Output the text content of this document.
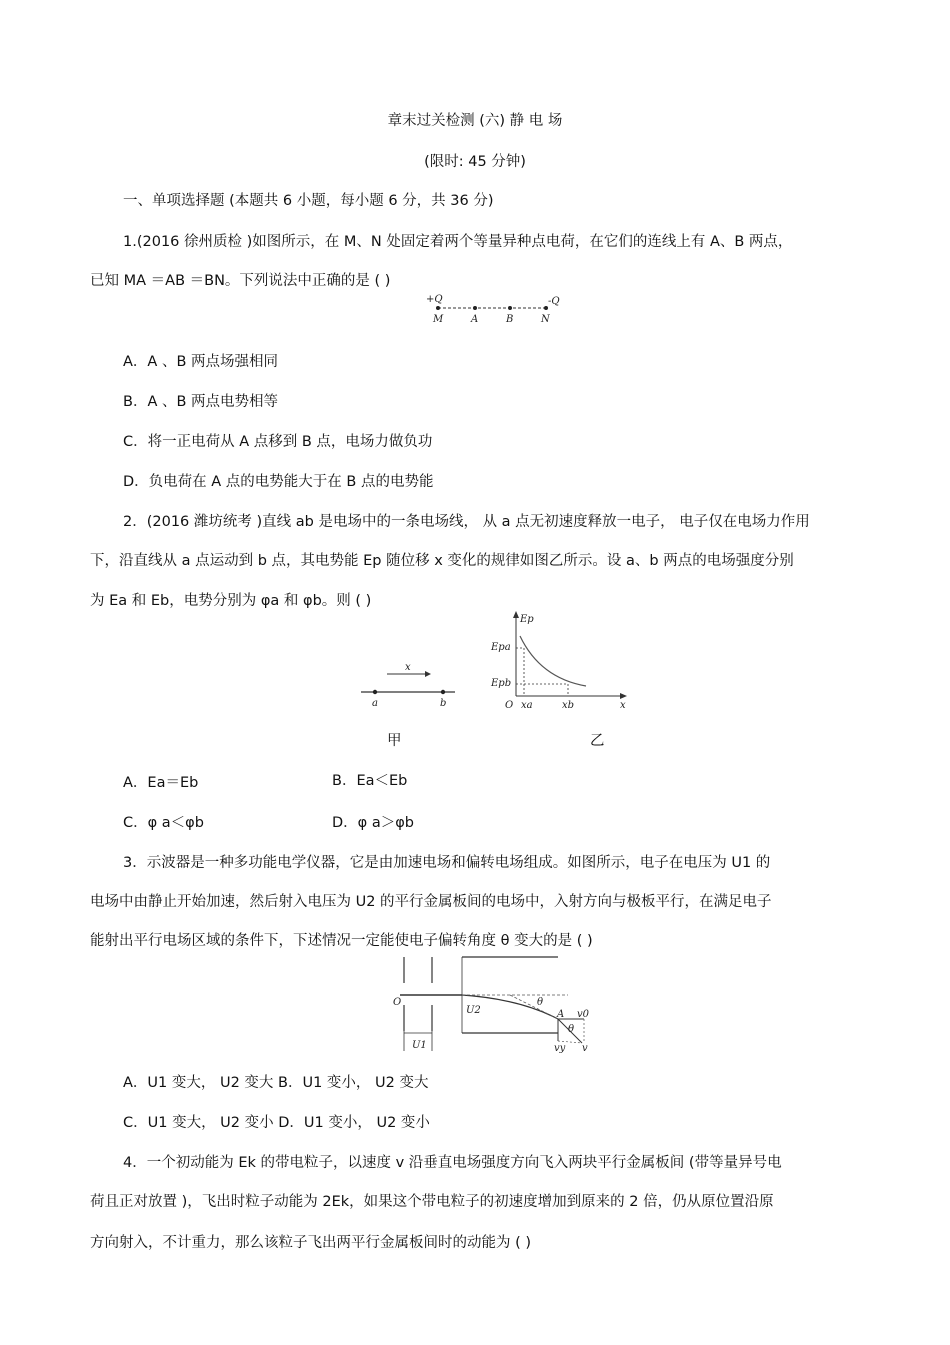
章末过关检测 (六) 静 电 场
(限时: 45 分钟)
一、单项选择题 (本题共 6 小题，每小题 6 分，共 36 分)
1.(2016 徐州质检 )如图所示，在 M、N 处固定着两个等量异种点电荷，在它们的连线上有 A、B 两点，
已知 MA ＝AB ＝BN。下列说法中正确的是 ( )
+Q	-Q
M	A	B	N
A．A 、B 两点场强相同
B．A 、B 两点电势相等
C．将一正电荷从 A 点移到 B 点，电场力做负功
D．负电荷在 A 点的电势能大于在 B 点的电势能
2．(2016 潍坊统考 )直线 ab 是电场中的一条电场线， 从 a 点无初速度释放一电子， 电子仅在电场力作用
下，沿直线从 a 点运动到 b 点，其电势能 Ep 随位移 x 变化的规律如图乙所示。设 a、b 两点的电场强度分别
为 Ea 和 Eb，电势分别为 φa 和 φb。则 ( )
x
a	b
Ep
Epa
Epb
O xa	xb	x
甲	乙
A．Ea＝Eb	B．Ea＜Eb
C．φ a＜φb	D．φ a＞φb
3．示波器是一种多功能电学仪器，它是由加速电场和偏转电场组成。如图所示，电子在电压为 U1 的
电场中由静止开始加速，然后射入电压为 U2 的平行金属板间的电场中，入射方向与极板平行，在满足电子
能射出平行电场区域的条件下，下述情况一定能使电子偏转角度 θ 变大的是 ( )
O
U1
U2
θ
θ
A v0
vy v
A．U1 变大， U2 变大 B．U1 变小， U2 变大
C．U1 变大， U2 变小 D．U1 变小， U2 变小
4．一个初动能为 Ek 的带电粒子，以速度 v 沿垂直电场强度方向飞入两块平行金属板间 (带等量异号电
荷且正对放置 )，飞出时粒子动能为 2Ek，如果这个带电粒子的初速度增加到原来的 2 倍，仍从原位置沿原
方向射入，不计重力，那么该粒子飞出两平行金属板间时的动能为 ( )
